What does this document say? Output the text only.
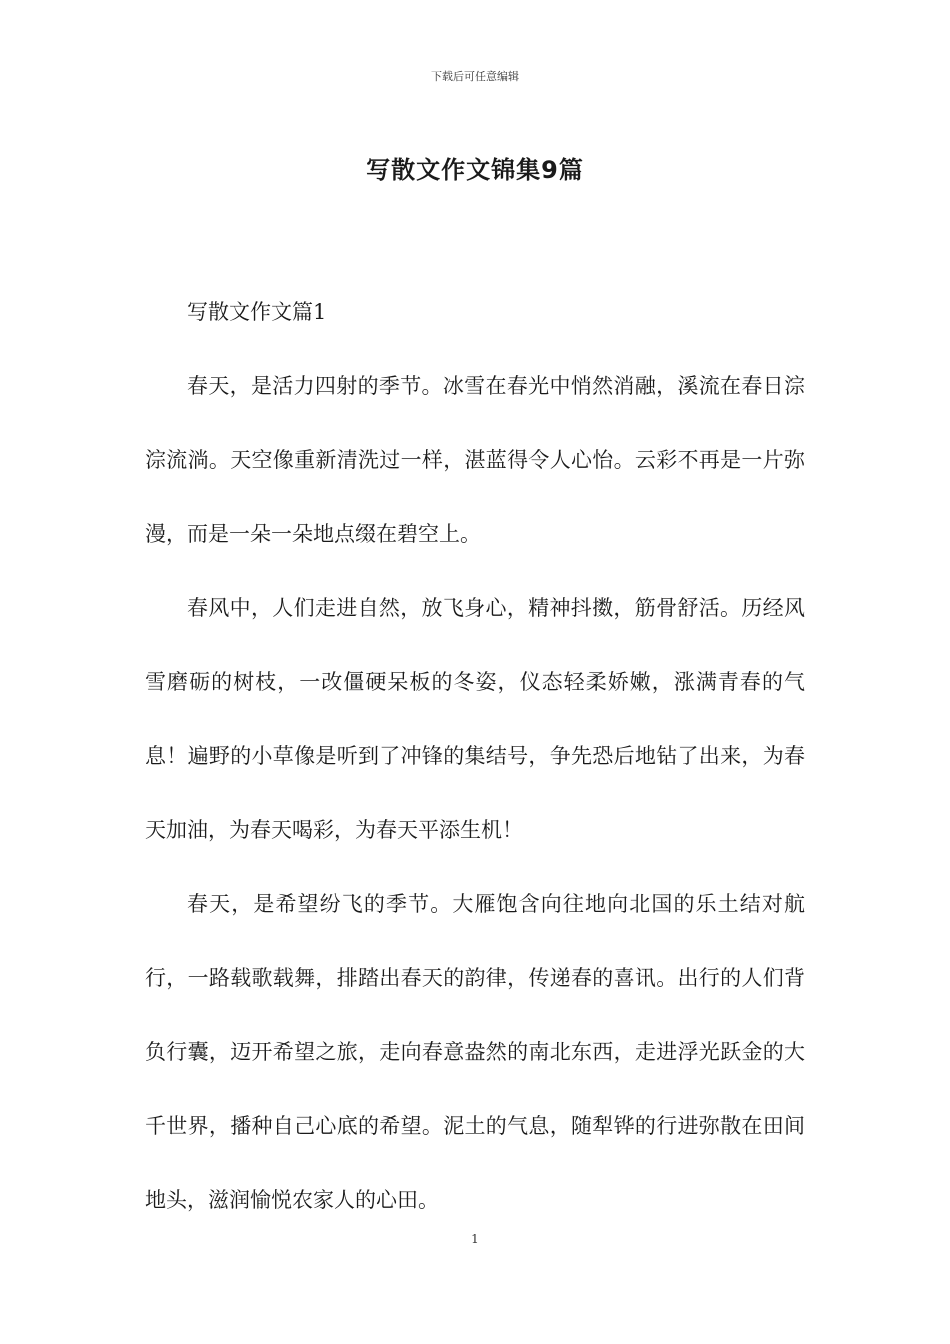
下载后可任意编辑
写散文作文锦集9篇

写散文作文篇1

春天，是活力四射的季节。冰雪在春光中悄然消融，溪流在春日淙淙流淌。天空像重新清洗过一样，湛蓝得令人心怡。云彩不再是一片弥漫，而是一朵一朵地点缀在碧空上。

春风中，人们走进自然，放飞身心，精神抖擞，筋骨舒活。历经风雪磨砺的树枝，一改僵硬呆板的冬姿，仪态轻柔娇嫩，涨满青春的气息！遍野的小草像是听到了冲锋的集结号，争先恐后地钻了出来，为春天加油，为春天喝彩，为春天平添生机！

春天，是希望纷飞的季节。大雁饱含向往地向北国的乐土结对航行，一路载歌载舞，排踏出春天的韵律，传递春的喜讯。出行的人们背负行囊，迈开希望之旅，走向春意盎然的南北东西，走进浮光跃金的大千世界，播种自己心底的希望。泥土的气息，随犁铧的行进弥散在田间地头，滋润愉悦农家人的心田。

1
